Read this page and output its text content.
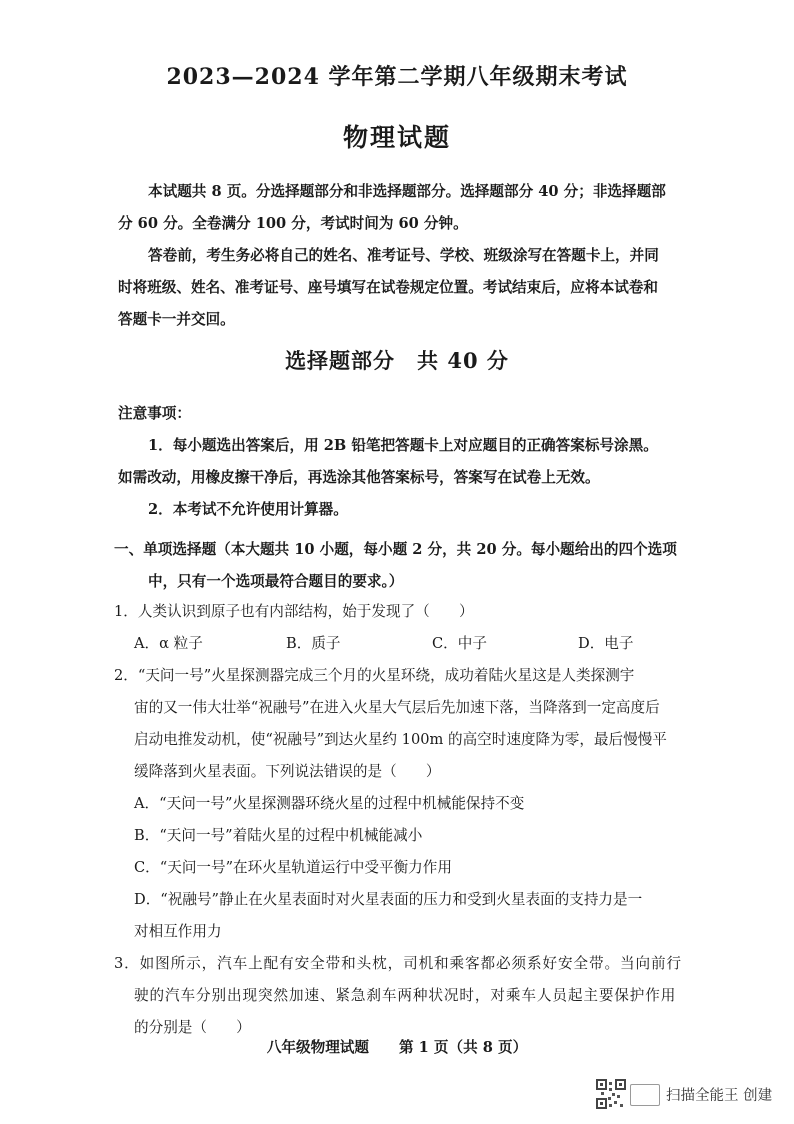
2023—2024 学年第二学期八年级期末考试
物理试题
本试题共 8 页。分选择题部分和非选择题部分。选择题部分 40 分；非选择题部
分 60 分。全卷满分 100 分，考试时间为 60 分钟。
答卷前，考生务必将自己的姓名、准考证号、学校、班级涂写在答题卡上，并同
时将班级、姓名、准考证号、座号填写在试卷规定位置。考试结束后，应将本试卷和
答题卡一并交回。
选择题部分　共 40 分
注意事项：
1．每小题选出答案后，用 2B 铅笔把答题卡上对应题目的正确答案标号涂黑。
如需改动，用橡皮擦干净后，再选涂其他答案标号，答案写在试卷上无效。
2．本考试不允许使用计算器。
一、单项选择题（本大题共 10 小题，每小题 2 分，共 20 分。每小题给出的四个选项
中，只有一个选项最符合题目的要求。）
1．人类认识到原子也有内部结构，始于发现了（　　）
A．α 粒子	B．质子	C．中子	D．电子
2．“天问一号”火星探测器完成三个月的火星环绕，成功着陆火星这是人类探测宇
宙的又一伟大壮举“祝融号”在进入火星大气层后先加速下落，当降落到一定高度后
启动电推发动机，使“祝融号”到达火星约 100m 的高空时速度降为零，最后慢慢平
缓降落到火星表面。下列说法错误的是（　　）
A．“天问一号”火星探测器环绕火星的过程中机械能保持不变
B．“天问一号”着陆火星的过程中机械能减小
C．“天问一号”在环火星轨道运行中受平衡力作用
D．“祝融号”静止在火星表面时对火星表面的压力和受到火星表面的支持力是一
对相互作用力
3．如图所示，汽车上配有安全带和头枕，司机和乘客都必须系好安全带。当向前行
驶的汽车分别出现突然加速、紧急刹车两种状况时，对乘车人员起主要保护作用
的分别是（　　）
八年级物理试题 第 1 页（共 8 页）
扫描全能王 创建
